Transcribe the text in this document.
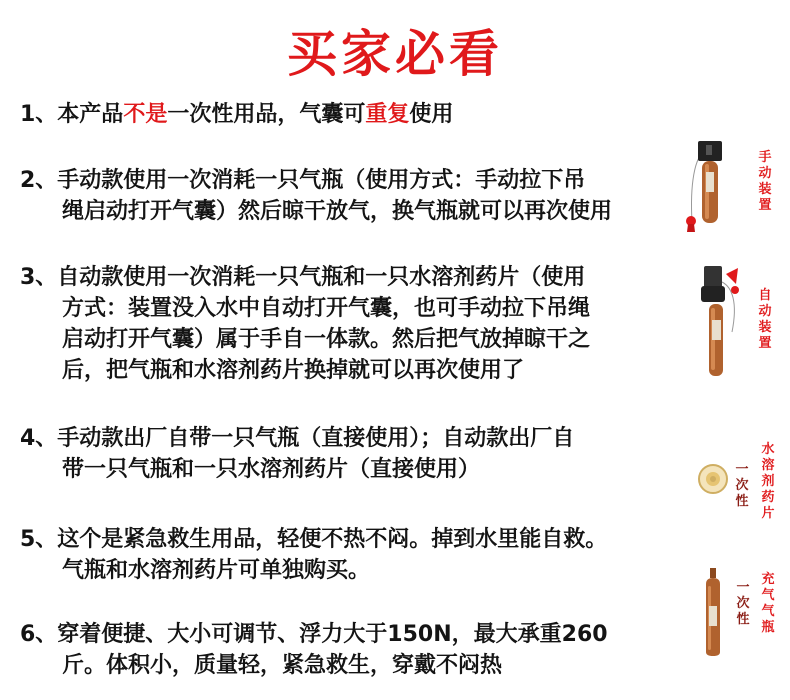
买家必看
1、本产品不是一次性用品，气囊可重复使用
2、手动款使用一次消耗一只气瓶（使用方式：手动拉下吊
绳启动打开气囊）然后晾干放气，换气瓶就可以再次使用
3、自动款使用一次消耗一只气瓶和一只水溶剂药片（使用
方式：装置没入水中自动打开气囊，也可手动拉下吊绳
启动打开气囊）属于手自一体款。然后把气放掉晾干之
后，把气瓶和水溶剂药片换掉就可以再次使用了
4、手动款出厂自带一只气瓶（直接使用）；自动款出厂自
带一只气瓶和一只水溶剂药片（直接使用）
5、这个是紧急救生用品，轻便不热不闷。掉到水里能自救。
气瓶和水溶剂药片可单独购买。
6、穿着便捷、大小可调节、浮力大于150N，最大承重260
斤。体积小，质量轻，紧急救生，穿戴不闷热
手动装置
自动装置
一次性
水溶剂药片
一次性
充气气瓶
